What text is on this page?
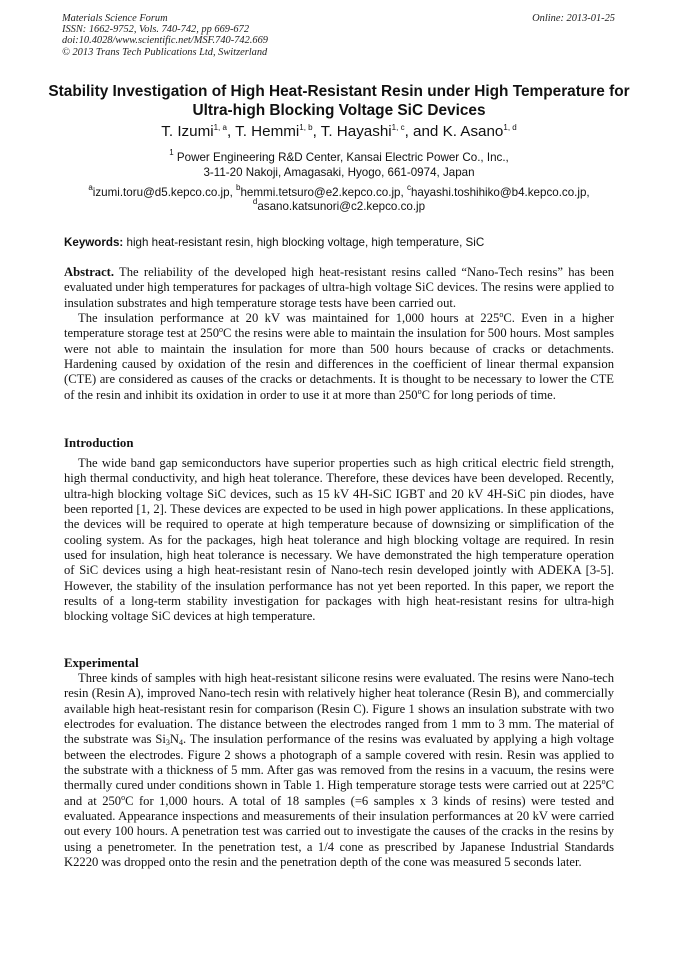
Materials Science Forum
ISSN: 1662-9752, Vols. 740-742, pp 669-672
doi:10.4028/www.scientific.net/MSF.740-742.669
© 2013 Trans Tech Publications Ltd, Switzerland
Online: 2013-01-25
Stability Investigation of High Heat-Resistant Resin under High Temperature for Ultra-high Blocking Voltage SiC Devices
T. Izumi$^{1, a}$, T. Hemmi$^{1, b}$, T. Hayashi$^{1, c}$, and K. Asano$^{1, d}$
$^1$ Power Engineering R&D Center, Kansai Electric Power Co., Inc.,
3-11-20 Nakoji, Amagasaki, Hyogo, 661-0974, Japan
$^a$izumi.toru@d5.kepco.co.jp, $^b$hemmi.tetsuro@e2.kepco.co.jp, $^c$hayashi.toshihiko@b4.kepco.co.jp,
$^d$asano.katsunori@c2.kepco.co.jp
Keywords: high heat-resistant resin, high blocking voltage, high temperature, SiC

Abstract. The reliability of the developed high heat-resistant resins called “Nano-Tech resins” has been evaluated under high temperatures for packages of ultra-high voltage SiC devices. The resins were applied to insulation substrates and high temperature storage tests have been carried out.

The insulation performance at 20 kV was maintained for 1,000 hours at 225$^o$C. Even in a higher temperature storage test at 250$^o$C the resins were able to maintain the insulation for 500 hours. Most samples were not able to maintain the insulation for more than 500 hours because of cracks or detachments. Hardening caused by oxidation of the resin and differences in the coefficient of linear thermal expansion (CTE) are considered as causes of the cracks or detachments. It is thought to be necessary to lower the CTE of the resin and inhibit its oxidation in order to use it at more than 250$^o$C for long periods of time.

Introduction

The wide band gap semiconductors have superior properties such as high critical electric field strength, high thermal conductivity, and high heat tolerance. Therefore, these devices have been developed. Recently, ultra-high blocking voltage SiC devices, such as 15 kV 4H-SiC IGBT and 20 kV 4H-SiC pin diodes, have been reported [1, 2]. These devices are expected to be used in high power applications. In these applications, the devices will be required to operate at high temperature because of downsizing or simplification of the cooling system. As for the packages, high heat tolerance and high blocking voltage are required. In resin used for insulation, high heat tolerance is necessary. We have demonstrated the high temperature operation of SiC devices using a high heat-resistant resin of Nano-tech resin developed jointly with ADEKA [3-5]. However, the stability of the insulation performance has not yet been reported. In this paper, we report the results of a long-term stability investigation for packages with high heat-resistant resins for ultra-high blocking voltage SiC devices at high temperature.

Experimental

Three kinds of samples with high heat-resistant silicone resins were evaluated. The resins were Nano-tech resin (Resin A), improved Nano-tech resin with relatively higher heat tolerance (Resin B), and commercially available high heat-resistant resin for comparison (Resin C). Figure 1 shows an insulation substrate with two electrodes for evaluation. The distance between the electrodes ranged from 1 mm to 3 mm. The material of the substrate was $Si_3N_4$. The insulation performance of the resins was evaluated by applying a high voltage between the electrodes. Figure 2 shows a photograph of a sample covered with resin. Resin was applied to the substrate with a thickness of 5 mm. After gas was removed from the resins in a vacuum, the resins were thermally cured under conditions shown in Table 1. High temperature storage tests were carried out at 225$^o$C and at 250$^o$C for 1,000 hours. A total of 18 samples (=6 samples x 3 kinds of resins) were tested and evaluated. Appearance inspections and measurements of their insulation performances at 20 kV were carried out every 100 hours. A penetration test was carried out to investigate the causes of the cracks in the resins by using a penetrometer. In the penetration test, a 1/4 cone as prescribed by Japanese Industrial Standards K2220 was dropped onto the resin and the penetration depth of the cone was measured 5 seconds later.
